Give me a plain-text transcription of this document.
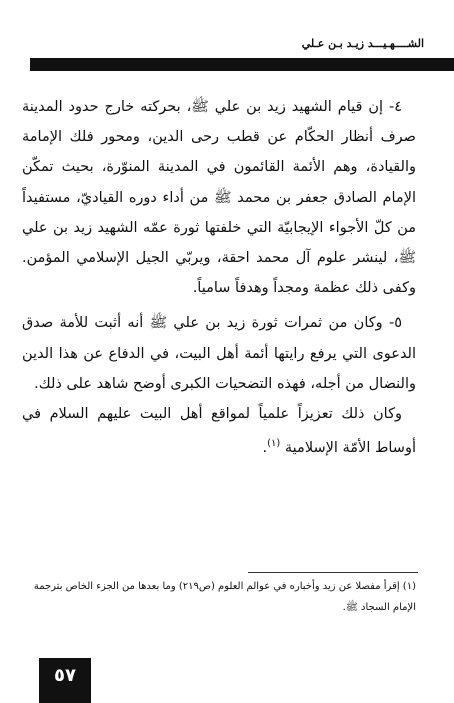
الشــــهـيـــد زيـد بـن عـلي

٤- إن قيام الشهيد زيد بن علي ﷺ، بحركته خارج حدود المدينة صرف أنظار الحكّام عن قطب رحى الدين، ومحور فلك الإمامة والقيادة، وهم الأئمة القائمون في المدينة المنوّرة، بحيث تمكّن الإمام الصادق جعفر بن محمد ﷺ من أداء دوره القياديّ، مستفيداً من كلّ الأجواء الإيجابيّة التي خلفتها ثورة عمّه الشهيد زيد بن علي ﷺ، لينشر علوم آل محمد احقة، ويربّي الجيل الإسلامي المؤمن. وكفى ذلك عظمة ومجداً وهدفاً سامياً.

٥- وكان من ثمرات ثورة زيد بن علي ﷺ أنه أثبت للأمة صدق الدعوى التي يرفع رايتها أئمة أهل البيت، في الدفاع عن هذا الدين والنضال من أجله، فهذه التضحيات الكبرى أوضح شاهد على ذلك.

وكان ذلك تعزيزاً علمياً لمواقع أهل البيت عليهم السلام في أوساط الأمّة الإسلامية $^{(١)}$.

(١) إقرأ مفصلا عن زيد وأخباره في عوالم العلوم (ص٢١٩) وما بعدها من الجزء الخاص بترجمة الإمام السجاد ﷺ.
٥٧
